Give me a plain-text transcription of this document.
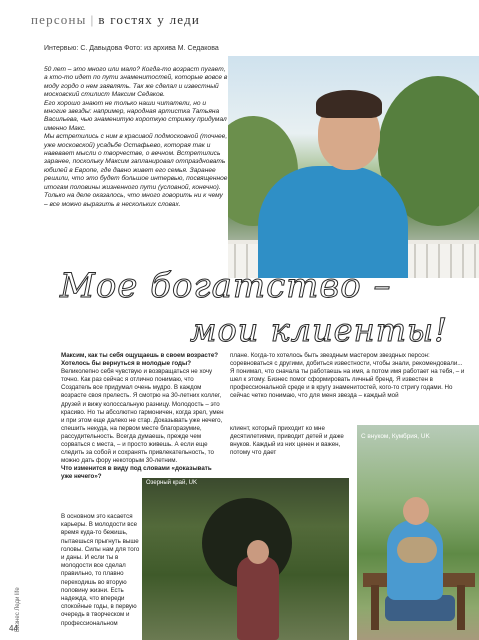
персоны | в гостях у леди
Интервью: С. Давыдова Фото: из архива М. Седакова

50 лет – это много или мало? Когда-то возраст пугает, а кто-то идет по пути знаменитостей, которые вовсе в моду гордо о нем заявлять. Так же сделал и известный московский стилист Максим Седаков.

Его хорошо знают не только наши читатели, но и многие звезды: например, народная артистка Татьяна Васильева, чью знаменитую короткую стрижку придумал именно Макс.

Мы встретились с ним в красивой подмосковной (точнее, уже московской) усадьбе Остафьево, которая так и навевает мысли о творчестве, о вечном. Встретились заранее, поскольку Максим запланировал отпраздновать юбилей в Европе, где давно живет его семья. Заранее решили, что это будет большое интервью, посвященное итогам половины жизненного пути (условной, конечно). Только на деле оказалось, что много говорить ни к чему – все можно выразить в нескольких словах.

Мое богатство –
мои клиенты!

Максим, как ты себя ощущаешь в своем возрасте? Хотелось бы вернуться в молодые годы?

Великолепно себя чувствую и возвращаться не хочу точно. Как раз сейчас я отлично понимаю, что Создатель все придумал очень мудро. В каждом возрасте своя прелесть. Я смотрю на 30-летних коллег, друзей и вижу колоссальную разницу. Молодость – это красиво. Но ты абсолютно гармоничен, когда зрел, умен и при этом еще далеко не стар. Доказывать уже нечего, спешить некуда, на первом месте благоразумие, рассудительность. Всегда думаешь, прежде чем сорваться с места, – и просто живешь. А если еще следить за собой и сохранять привлекательность, то можно дать фору некоторым 30-летним.

Что изменится в виду под словами «доказывать уже нечего»?

В основном это касается карьеры. В молодости все время куда-то бежишь, пытаешься прыгнуть выше головы. Силы нам для того и даны. И если ты в молодости все сделал правильно, то плавно переходишь во вторую половину жизни. Есть надежда, что впереди спокойные годы, в первую очередь в творческом и профессиональном

плане. Когда-то хотелось быть звездным мастером звездных персон: соревноваться с другими, добиться известности, чтобы знали, рекомендовали... Я понимал, что сначала ты работаешь на имя, а потом имя работает на тебя, – и шел к этому. Бизнес помог сформировать личный бренд. Я известен в профессиональной среде и в кругу знаменитостей, кого-то стригу годами. Но сейчас четко понимаю, что для меня звезда – каждый мой

клиент, который приходит ко мне десятилетиями, приводит детей и даже внуков. Каждый из них ценен и важен, потому что дает

Озерный край, UK
С внуком, Кумбрия, UK
Бизнес Леди life
44
